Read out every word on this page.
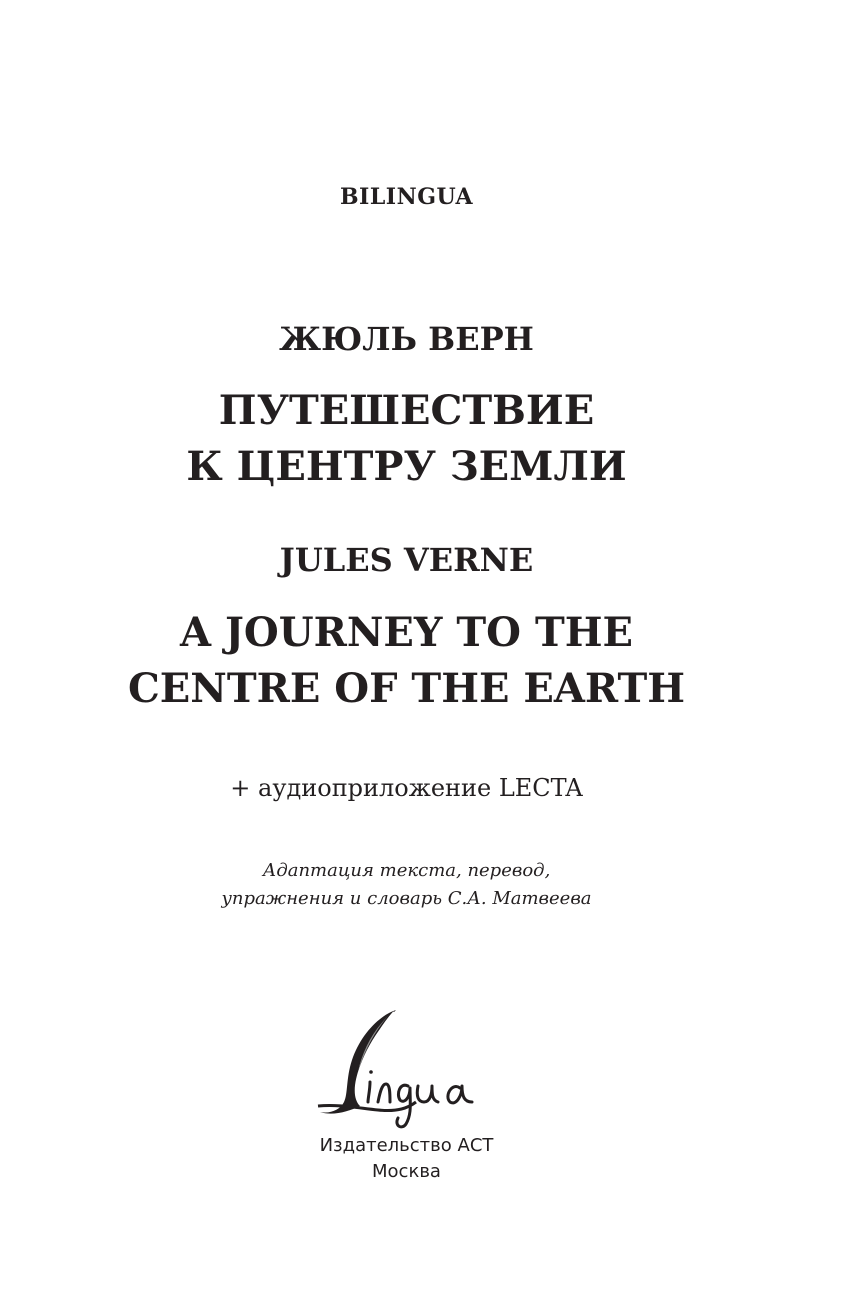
BILINGUA
ЖЮЛЬ ВЕРН
ПУТЕШЕСТВИЕ
К ЦЕНТРУ ЗЕМЛИ
JULES VERNE
A JOURNEY TO THE
CENTRE OF THE EARTH
+ аудиоприложение LECTA
Адаптация текста, перевод,
упражнения и словарь С.А. Матвеева
Издательство АСТ
Москва
